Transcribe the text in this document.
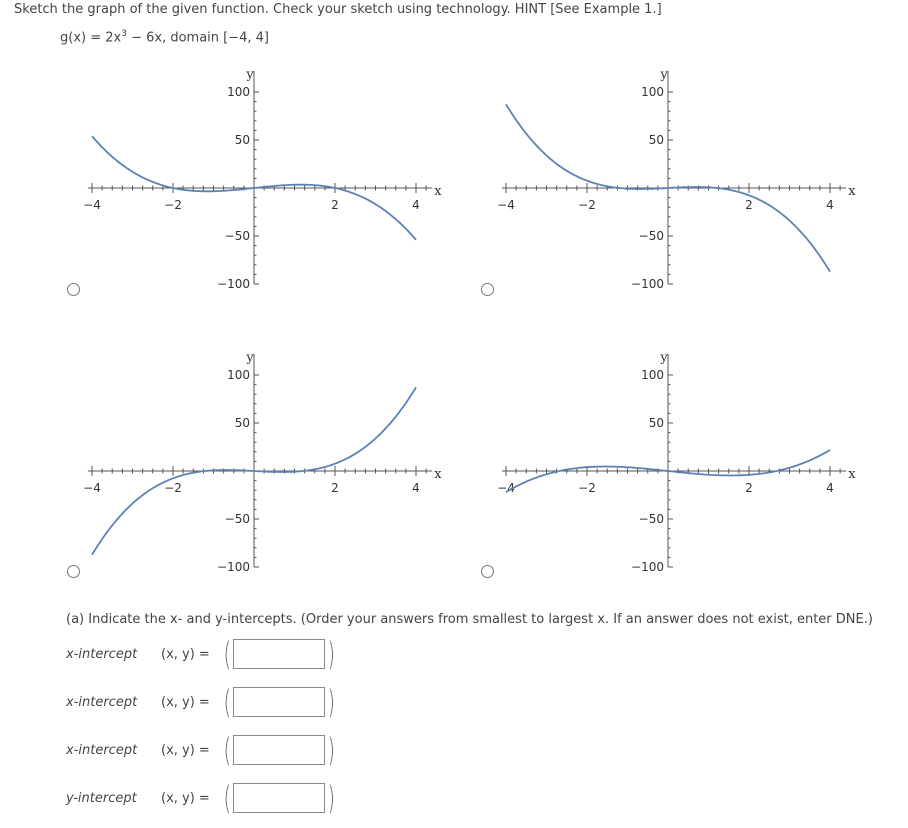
Sketch the graph of the given function. Check your sketch using technology. HINT [See Example 1.]
$g(x) = 2x^3 - 6x$, domain [−4, 4]
(a) Indicate the x- and y-intercepts. (Order your answers from smallest to largest x. If an answer does not exist, enter DNE.)
x-intercept	(x, y) = (	)
x-intercept	(x, y) = (	)
x-intercept	(x, y) = (	)
y-intercept	(x, y) = (	)
−4	−2	2	4
100
50
−50
−100
x
y
−4	−2	2	4
100
50
−50
−100
x
y
−4	−2	2	4
100
50
−50
−100
x
y
−4	−2	2	4
100
50
−50
−100
x
y
